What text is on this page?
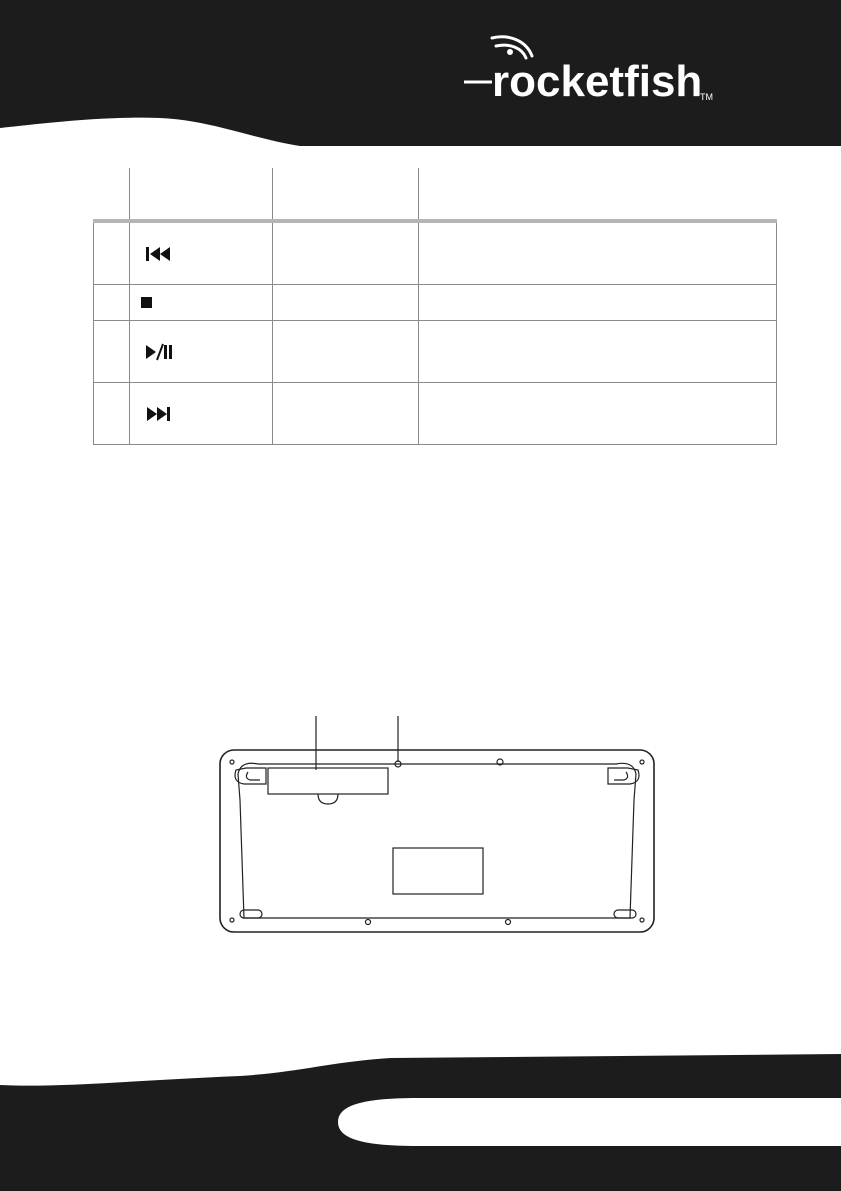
rocketfish
TM
